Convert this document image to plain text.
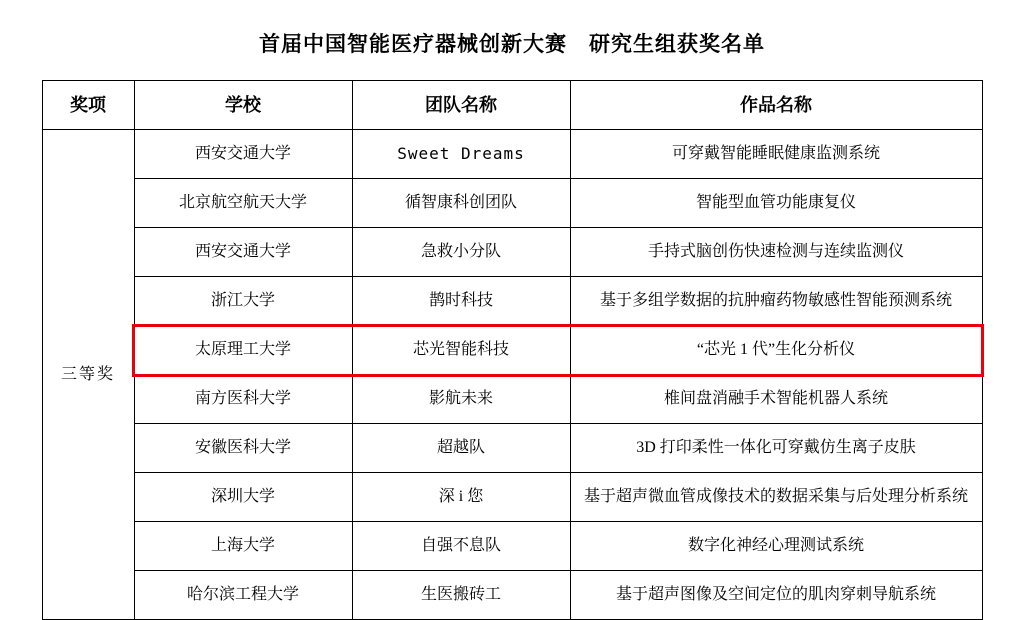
首届中国智能医疗器械创新大赛　研究生组获奖名单
奖项	学校	团队名称	作品名称
三等奖	西安交通大学	Sweet Dreams	可穿戴智能睡眠健康监测系统
	北京航空航天大学	循智康科创团队	智能型血管功能康复仪
	西安交通大学	急救小分队	手持式脑创伤快速检测与连续监测仪
	浙江大学	鹊时科技	基于多组学数据的抗肿瘤药物敏感性智能预测系统
	太原理工大学	芯光智能科技	“芯光 1 代”生化分析仪
	南方医科大学	影航未来	椎间盘消融手术智能机器人系统
	安徽医科大学	超越队	3D 打印柔性一体化可穿戴仿生离子皮肤
	深圳大学	深 i 您	基于超声微血管成像技术的数据采集与后处理分析系统
	上海大学	自强不息队	数字化神经心理测试系统
	哈尔滨工程大学	生医搬砖工	基于超声图像及空间定位的肌肉穿刺导航系统
